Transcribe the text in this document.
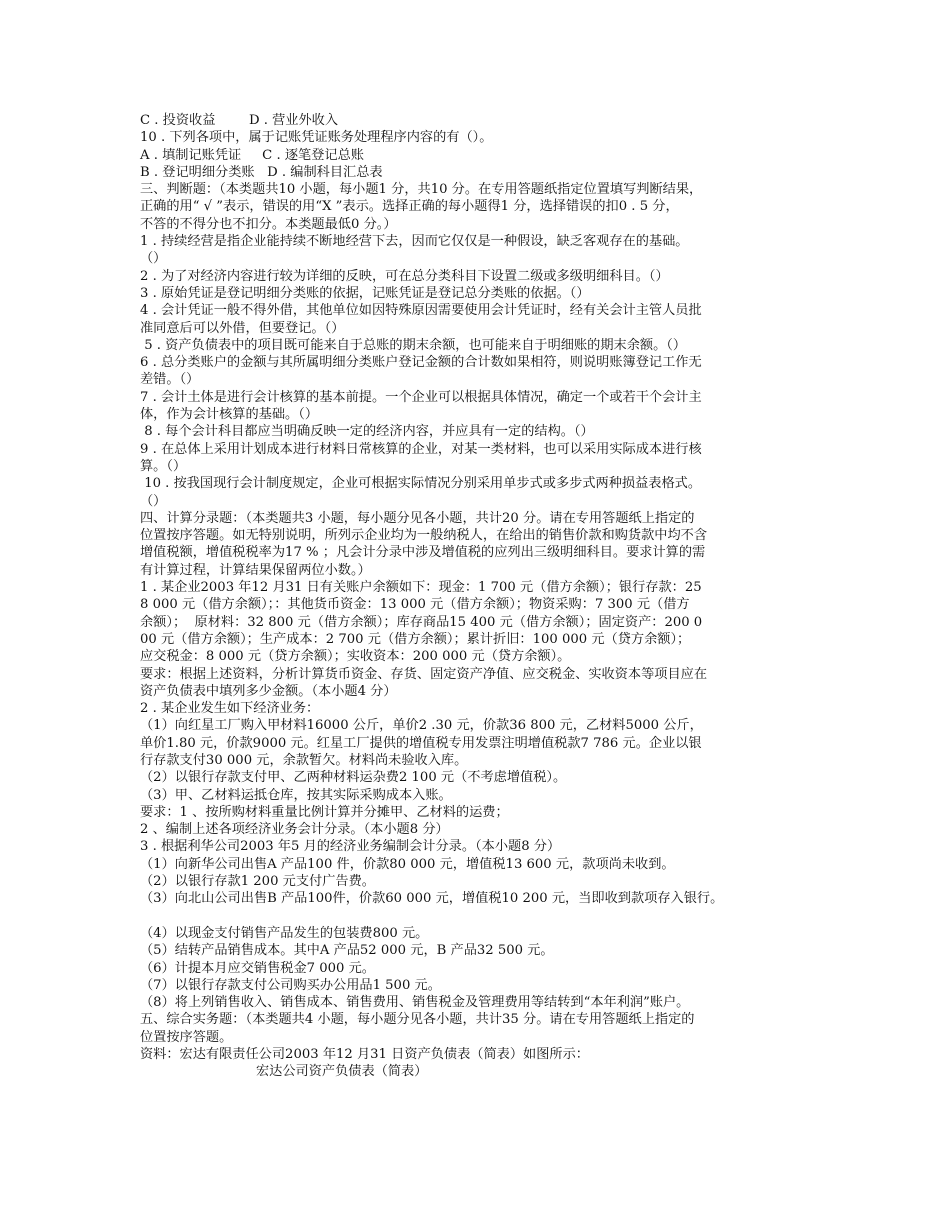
C . 投资收益        D . 营业外收入
10 . 下列各项中，属于记账凭证账务处理程序内容的有（）。
A . 填制记账凭证     C . 逐笔登记总账
B . 登记明细分类账   D . 编制科目汇总表
三、判断题：（本类题共10 小题，每小题1 分，共10 分。在专用答题纸指定位置填写判断结果，
正确的用“ √ ”表示，错误的用“X ”表示。选择正确的每小题得1 分，选择错误的扣0 . 5 分，
不答的不得分也不扣分。本类题最低0 分。）
1 . 持续经营是指企业能持续不断地经营下去，因而它仅仅是一种假设，缺乏客观存在的基础。
（）
2 . 为了对经济内容进行较为详细的反映，可在总分类科目下设置二级或多级明细科目。（）
3 . 原始凭证是登记明细分类账的依据，记账凭证是登记总分类账的依据。（）
4 . 会计凭证一般不得外借，其他单位如因特殊原因需要使用会计凭证时，经有关会计主管人员批
准同意后可以外借，但要登记。（）
5 . 资产负债表中的项目既可能来自于总账的期末余额，也可能来自于明细账的期末余额。（）
6 . 总分类账户的金额与其所属明细分类账户登记金额的合计数如果相符，则说明账簿登记工作无
差错。（）
7 . 会计土体是进行会计核算的基本前提。一个企业可以根据具体情况，确定一个或若干个会计主
体，作为会计核算的基础。（）
8 . 每个会计科目都应当明确反映一定的经济内容，并应具有一定的结构。（）
9 . 在总体上采用计划成本进行材料日常核算的企业，对某一类材料，也可以采用实际成本进行核
算。（）
10 . 按我国现行会计制度规定，企业可根据实际情况分别采用单步式或多步式两种损益表格式。
（）
四、计算分录题：（本类题共3 小题，每小题分见各小题，共计20 分。请在专用答题纸上指定的
位置按序答题。如无特别说明，所列示企业均为一般纳税人，在给出的销售价款和购货款中均不含
增值税额，增值税税率为17 % ；凡会计分录中涉及增值税的应列出三级明细科目。要求计算的需
有计算过程，计算结果保留两位小数。）
1 . 某企业2003 年12 月31 日有关账户余额如下：现金：1 700 元（借方余额）；银行存款：25
8 000 元（借方余额）；：其他货币资金：13 000 元（借方余额）；物资采购：7 300 元（借方
余额）；  原材料：32 800 元（借方余额）；库存商品15 400 元（借方余额）；固定资产：200 0
00 元（借方余额）；生产成本：2 700 元（借方余额）；累计折旧：100 000 元（贷方余额）；
应交税金：8 000 元（贷方余额）；实收资本：200 000 元（贷方余额）。
要求：根据上述资料，分析计算货币资金、存货、固定资产净值、应交税金、实收资本等项目应在
资产负债表中填列多少金额。（本小题4 分）
2 . 某企业发生如下经济业务：
（1）向红星工厂购入甲材料16000 公斤，单价2 .30 元，价款36 800 元，乙材料5000 公斤，
单价1.80 元，价款9000 元。红星工厂提供的增值税专用发票注明增值税款7 786 元。企业以银
行存款支付30 000 元，余款暂欠。材料尚未验收入库。
（2）以银行存款支付甲、乙两种材料运杂费2 100 元（不考虑增值税）。
（3）甲、乙材料运抵仓库，按其实际采购成本入账。
要求：1 、按所购材料重量比例计算并分摊甲、乙材料的运费；
2 、编制上述各项经济业务会计分录。（本小题8 分）
3 . 根据利华公司2003 年5 月的经济业务编制会计分录。（本小题8 分）
（1）向新华公司出售A 产品100 件，价款80 000 元，增值税13 600 元，款项尚未收到。
（2）以银行存款1 200 元支付广告费。
（3）向北山公司出售B 产品100件，价款60 000 元，增值税10 200 元，当即收到款项存入银行。
（4）以现金支付销售产品发生的包装费800 元。
（5）结转产品销售成本。其中A 产品52 000 元，B 产品32 500 元。
（6）计提本月应交销售税金7 000 元。
（7）以银行存款支付公司购买办公用品1 500 元。
（8）将上列销售收入、销售成本、销售费用、销售税金及管理费用等结转到“本年利润”账户。
五、综合实务题：（本类题共4 小题，每小题分见各小题，共计35 分。请在专用答题纸上指定的
位置按序答题。
资料：宏达有限责任公司2003 年12 月31 日资产负债表（简表）如图所示：
宏达公司资产负债表（简表）
